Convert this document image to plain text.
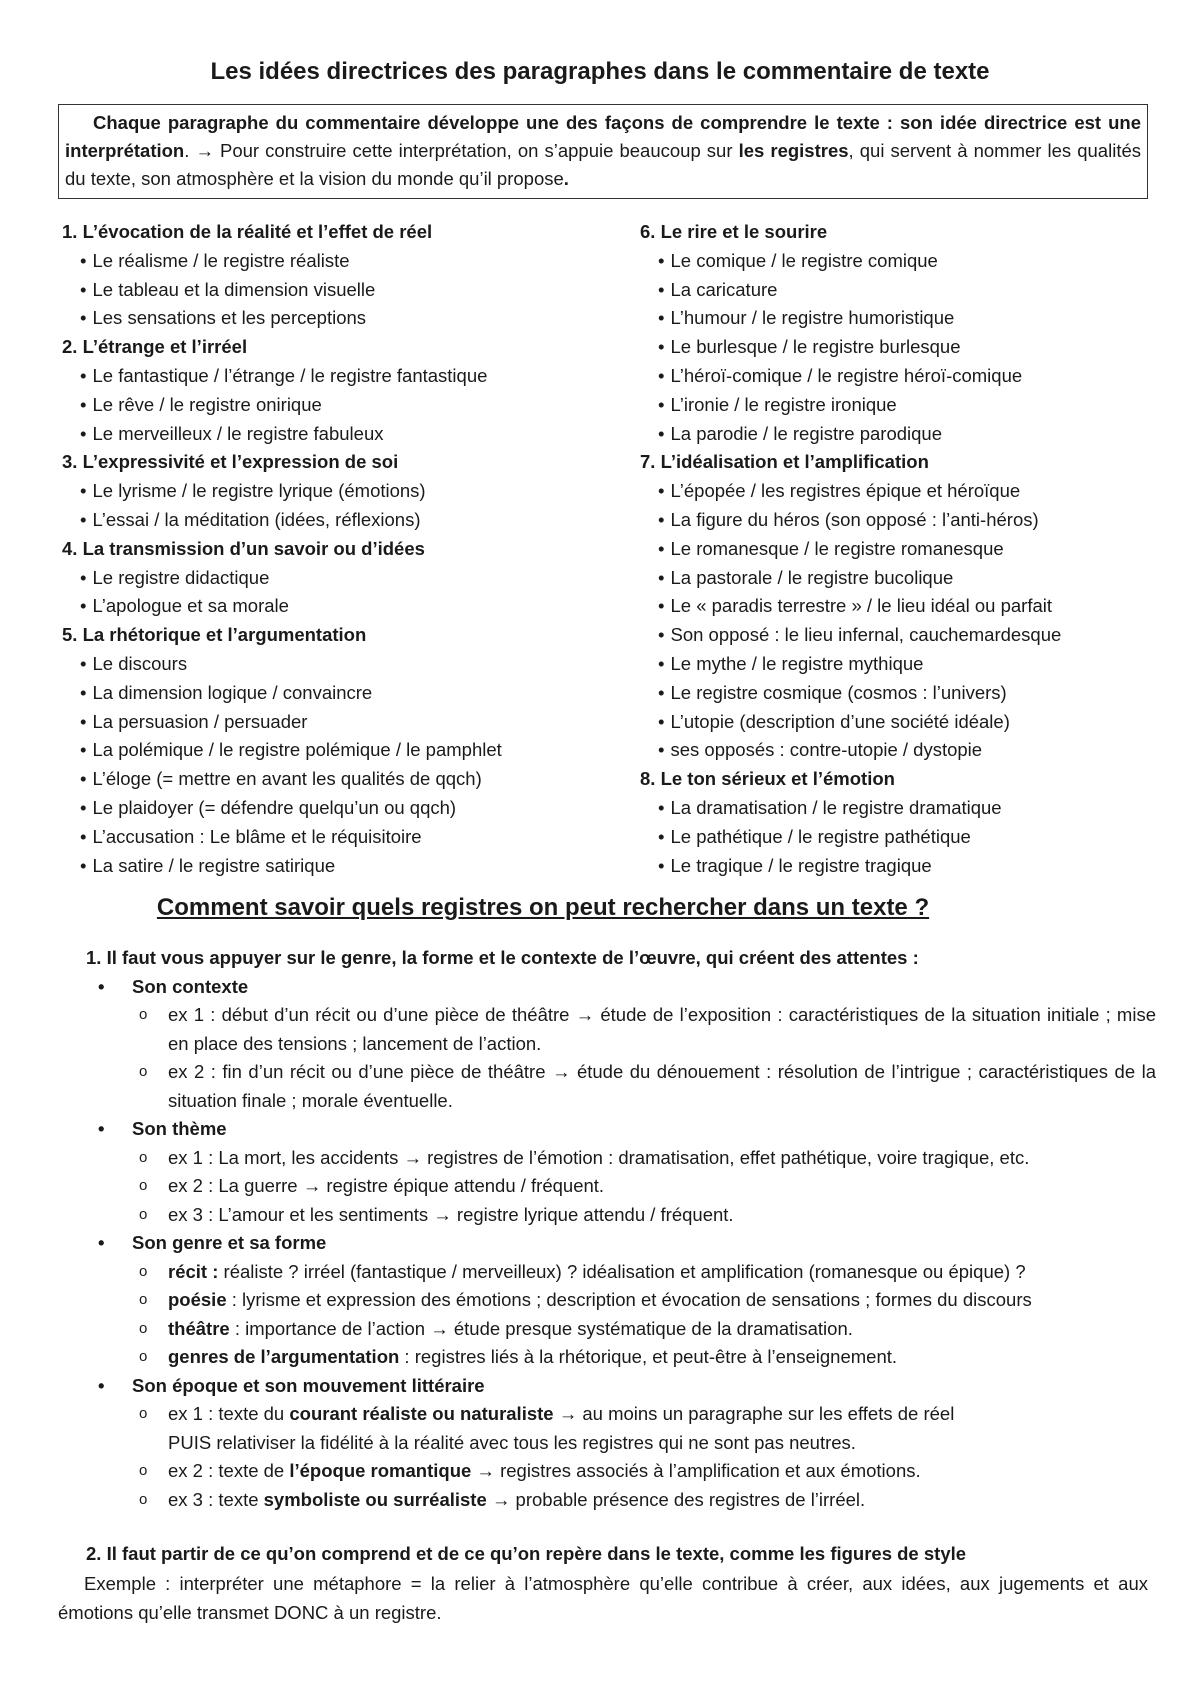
Les idées directrices des paragraphes dans le commentaire de texte
Chaque paragraphe du commentaire développe une des façons de comprendre le texte : son idée directrice est une interprétation. → Pour construire cette interprétation, on s’appuie beaucoup sur les registres, qui servent à nommer les qualités du texte, son atmosphère et la vision du monde qu’il propose.
1. L’évocation de la réalité et l’effet de réel
• Le réalisme / le registre réaliste
• Le tableau et la dimension visuelle
• Les sensations et les perceptions
2. L’étrange et l’irréel
• Le fantastique / l’étrange / le registre fantastique
• Le rêve / le registre onirique
• Le merveilleux / le registre fabuleux
3. L’expressivité et l’expression de soi
• Le lyrisme / le registre lyrique (émotions)
• L’essai / la méditation (idées, réflexions)
4. La transmission d’un savoir ou d’idées
• Le registre didactique
• L’apologue et sa morale
5. La rhétorique et l’argumentation
• Le discours
• La dimension logique / convaincre
• La persuasion / persuader
• La polémique / le registre polémique / le pamphlet
• L’éloge (= mettre en avant les qualités de qqch)
• Le plaidoyer (= défendre quelqu’un ou qqch)
• L’accusation : Le blâme et le réquisitoire
• La satire / le registre satirique
6. Le rire et le sourire
• Le comique / le registre comique
• La caricature
• L’humour / le registre humoristique
• Le burlesque / le registre burlesque
• L’héroï-comique / le registre héroï-comique
• L’ironie / le registre ironique
• La parodie / le registre parodique
7. L’idéalisation et l’amplification
• L’épopée / les registres épique et héroïque
• La figure du héros (son opposé : l’anti-héros)
• Le romanesque / le registre romanesque
• La pastorale / le registre bucolique
• Le « paradis terrestre » / le lieu idéal ou parfait
• Son opposé : le lieu infernal, cauchemardesque
• Le mythe / le registre mythique
• Le registre cosmique (cosmos : l’univers)
• L’utopie (description d’une société idéale)
• ses opposés : contre-utopie / dystopie
8. Le ton sérieux et l’émotion
• La dramatisation / le registre dramatique
• Le pathétique / le registre pathétique
• Le tragique / le registre tragique
Comment savoir quels registres on peut rechercher dans un texte ?
1. Il faut vous appuyer sur le genre, la forme et le contexte de l’œuvre, qui créent des attentes :
• Son contexte
o ex 1 : début d’un récit ou d’une pièce de théâtre → étude de l’exposition : caractéristiques de la situation initiale ; mise en place des tensions ; lancement de l’action.
o ex 2 : fin d’un récit ou d’une pièce de théâtre → étude du dénouement : résolution de l’intrigue ; caractéristiques de la situation finale ; morale éventuelle.
• Son thème
o ex 1 : La mort, les accidents → registres de l’émotion : dramatisation, effet pathétique, voire tragique, etc.
o ex 2 : La guerre → registre épique attendu / fréquent.
o ex 3 : L’amour et les sentiments → registre lyrique attendu / fréquent.
• Son genre et sa forme
o récit : réaliste ? irréel (fantastique / merveilleux) ? idéalisation et amplification (romanesque ou épique) ?
o poésie : lyrisme et expression des émotions ; description et évocation de sensations ; formes du discours
o théâtre : importance de l’action → étude presque systématique de la dramatisation.
o genres de l’argumentation : registres liés à la rhétorique, et peut-être à l’enseignement.
• Son époque et son mouvement littéraire
o ex 1 : texte du courant réaliste ou naturaliste → au moins un paragraphe sur les effets de réel
PUIS relativiser la fidélité à la réalité avec tous les registres qui ne sont pas neutres.
o ex 2 : texte de l’époque romantique → registres associés à l’amplification et aux émotions.
o ex 3 : texte symboliste ou surréaliste → probable présence des registres de l’irréel.
2. Il faut partir de ce qu’on comprend et de ce qu’on repère dans le texte, comme les figures de style
Exemple : interpréter une métaphore = la relier à l’atmosphère qu’elle contribue à créer, aux idées, aux jugements et aux émotions qu’elle transmet DONC à un registre.
